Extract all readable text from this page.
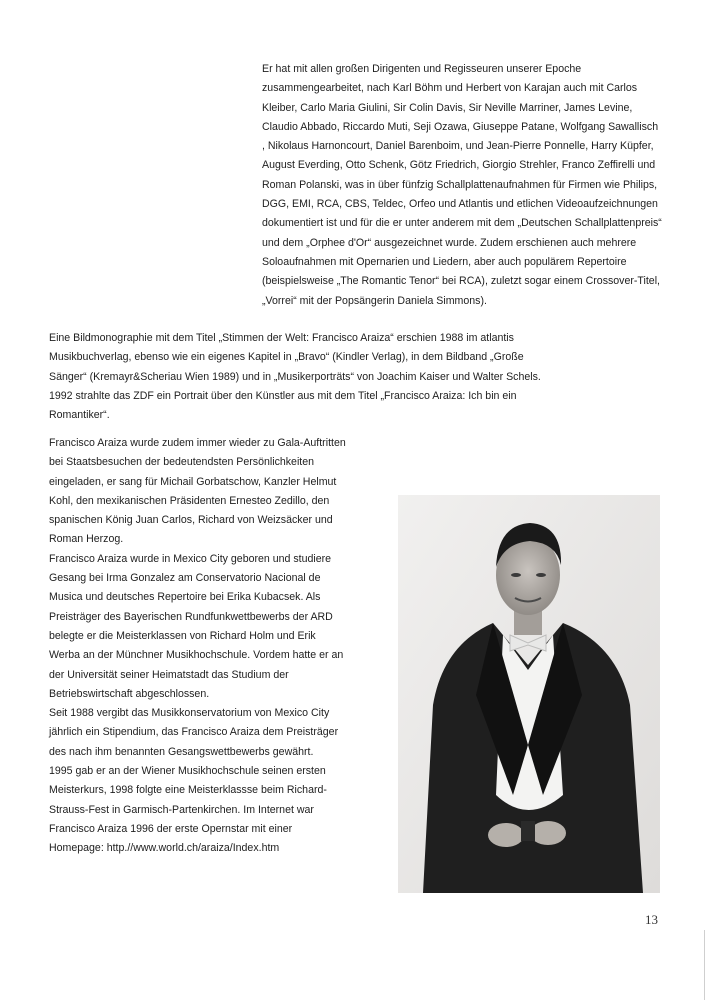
Er hat mit allen großen Dirigenten und Regisseuren unserer Epoche zusammengearbeitet, nach Karl Böhm und Herbert von Karajan auch mit Carlos Kleiber, Carlo Maria Giulini, Sir Colin Davis, Sir Neville Marriner, James Levine, Claudio Abbado, Riccardo Muti, Seji Ozawa, Giuseppe Patane, Wolfgang Sawallisch , Nikolaus Harnoncourt, Daniel Barenboim, und Jean-Pierre Ponnelle, Harry Küpfer, August Everding, Otto Schenk, Götz Friedrich, Giorgio Strehler, Franco Zeffirelli und Roman Polanski, was in über fünfzig Schallplattenaufnahmen für Firmen wie Philips, DGG, EMI, RCA, CBS, Teldec, Orfeo und Atlantis und etlichen Videoaufzeichnungen dokumentiert ist und für die er unter anderem mit dem „Deutschen Schallplattenpreis“ und dem „Orphee d'Or“ ausgezeichnet wurde. Zudem erschienen auch mehrere Soloaufnahmen mit Opernarien und Liedern, aber auch populärem Repertoire (beispielsweise „The Romantic Tenor“ bei RCA), zuletzt sogar einem Crossover-Titel, „Vorrei“ mit der Popsängerin Daniela Simmons).

Eine Bildmonographie mit dem Titel „Stimmen der Welt: Francisco Araiza“ erschien 1988 im atlantis Musikbuchverlag, ebenso wie ein eigenes Kapitel in „Bravo“ (Kindler Verlag), in dem Bildband „Große Sänger“ (Kremayr&Scheriau Wien 1989) und in „Musikerporträts“ von Joachim Kaiser und Walter Schels. 1992 strahlte das ZDF ein Portrait über den Künstler aus mit dem Titel „Francisco Araiza: Ich bin ein Romantiker“.

Francisco Araiza wurde zudem immer wieder zu Gala-Auftritten bei Staatsbesuchen der bedeutendsten Persönlichkeiten eingeladen, er sang für Michail Gorbatschow, Kanzler Helmut Kohl, den mexikanischen Präsidenten Ernesteo Zedillo, den spanischen König Juan Carlos, Richard von Weizsäcker und Roman Herzog.

Francisco Araiza wurde in Mexico City geboren und studiere Gesang bei Irma Gonzalez am Conservatorio Nacional de Musica und deutsches Repertoire bei Erika Kubacsek. Als Preisträger des Bayerischen Rundfunkwettbewerbs der ARD belegte er die Meisterklassen von Richard Holm und Erik Werba an der Münchner Musikhochschule. Vordem hatte er an der Universität seiner Heimatstadt das Studium der Betriebswirtschaft abgeschlossen.

Seit 1988 vergibt das Musikkonservatorium von Mexico City jährlich ein Stipendium, das Francisco Araiza dem Preisträger des nach ihm benannten Gesangswettbewerbs gewährt.

1995 gab er an der Wiener Musikhochschule seinen ersten Meisterkurs, 1998 folgte eine Meisterklassse beim Richard-Strauss-Fest in Garmisch-Partenkirchen. Im Internet war Francisco Araiza 1996 der erste Opernstar mit einer Homepage: http.//www.world.ch/araiza/Index.htm

13
